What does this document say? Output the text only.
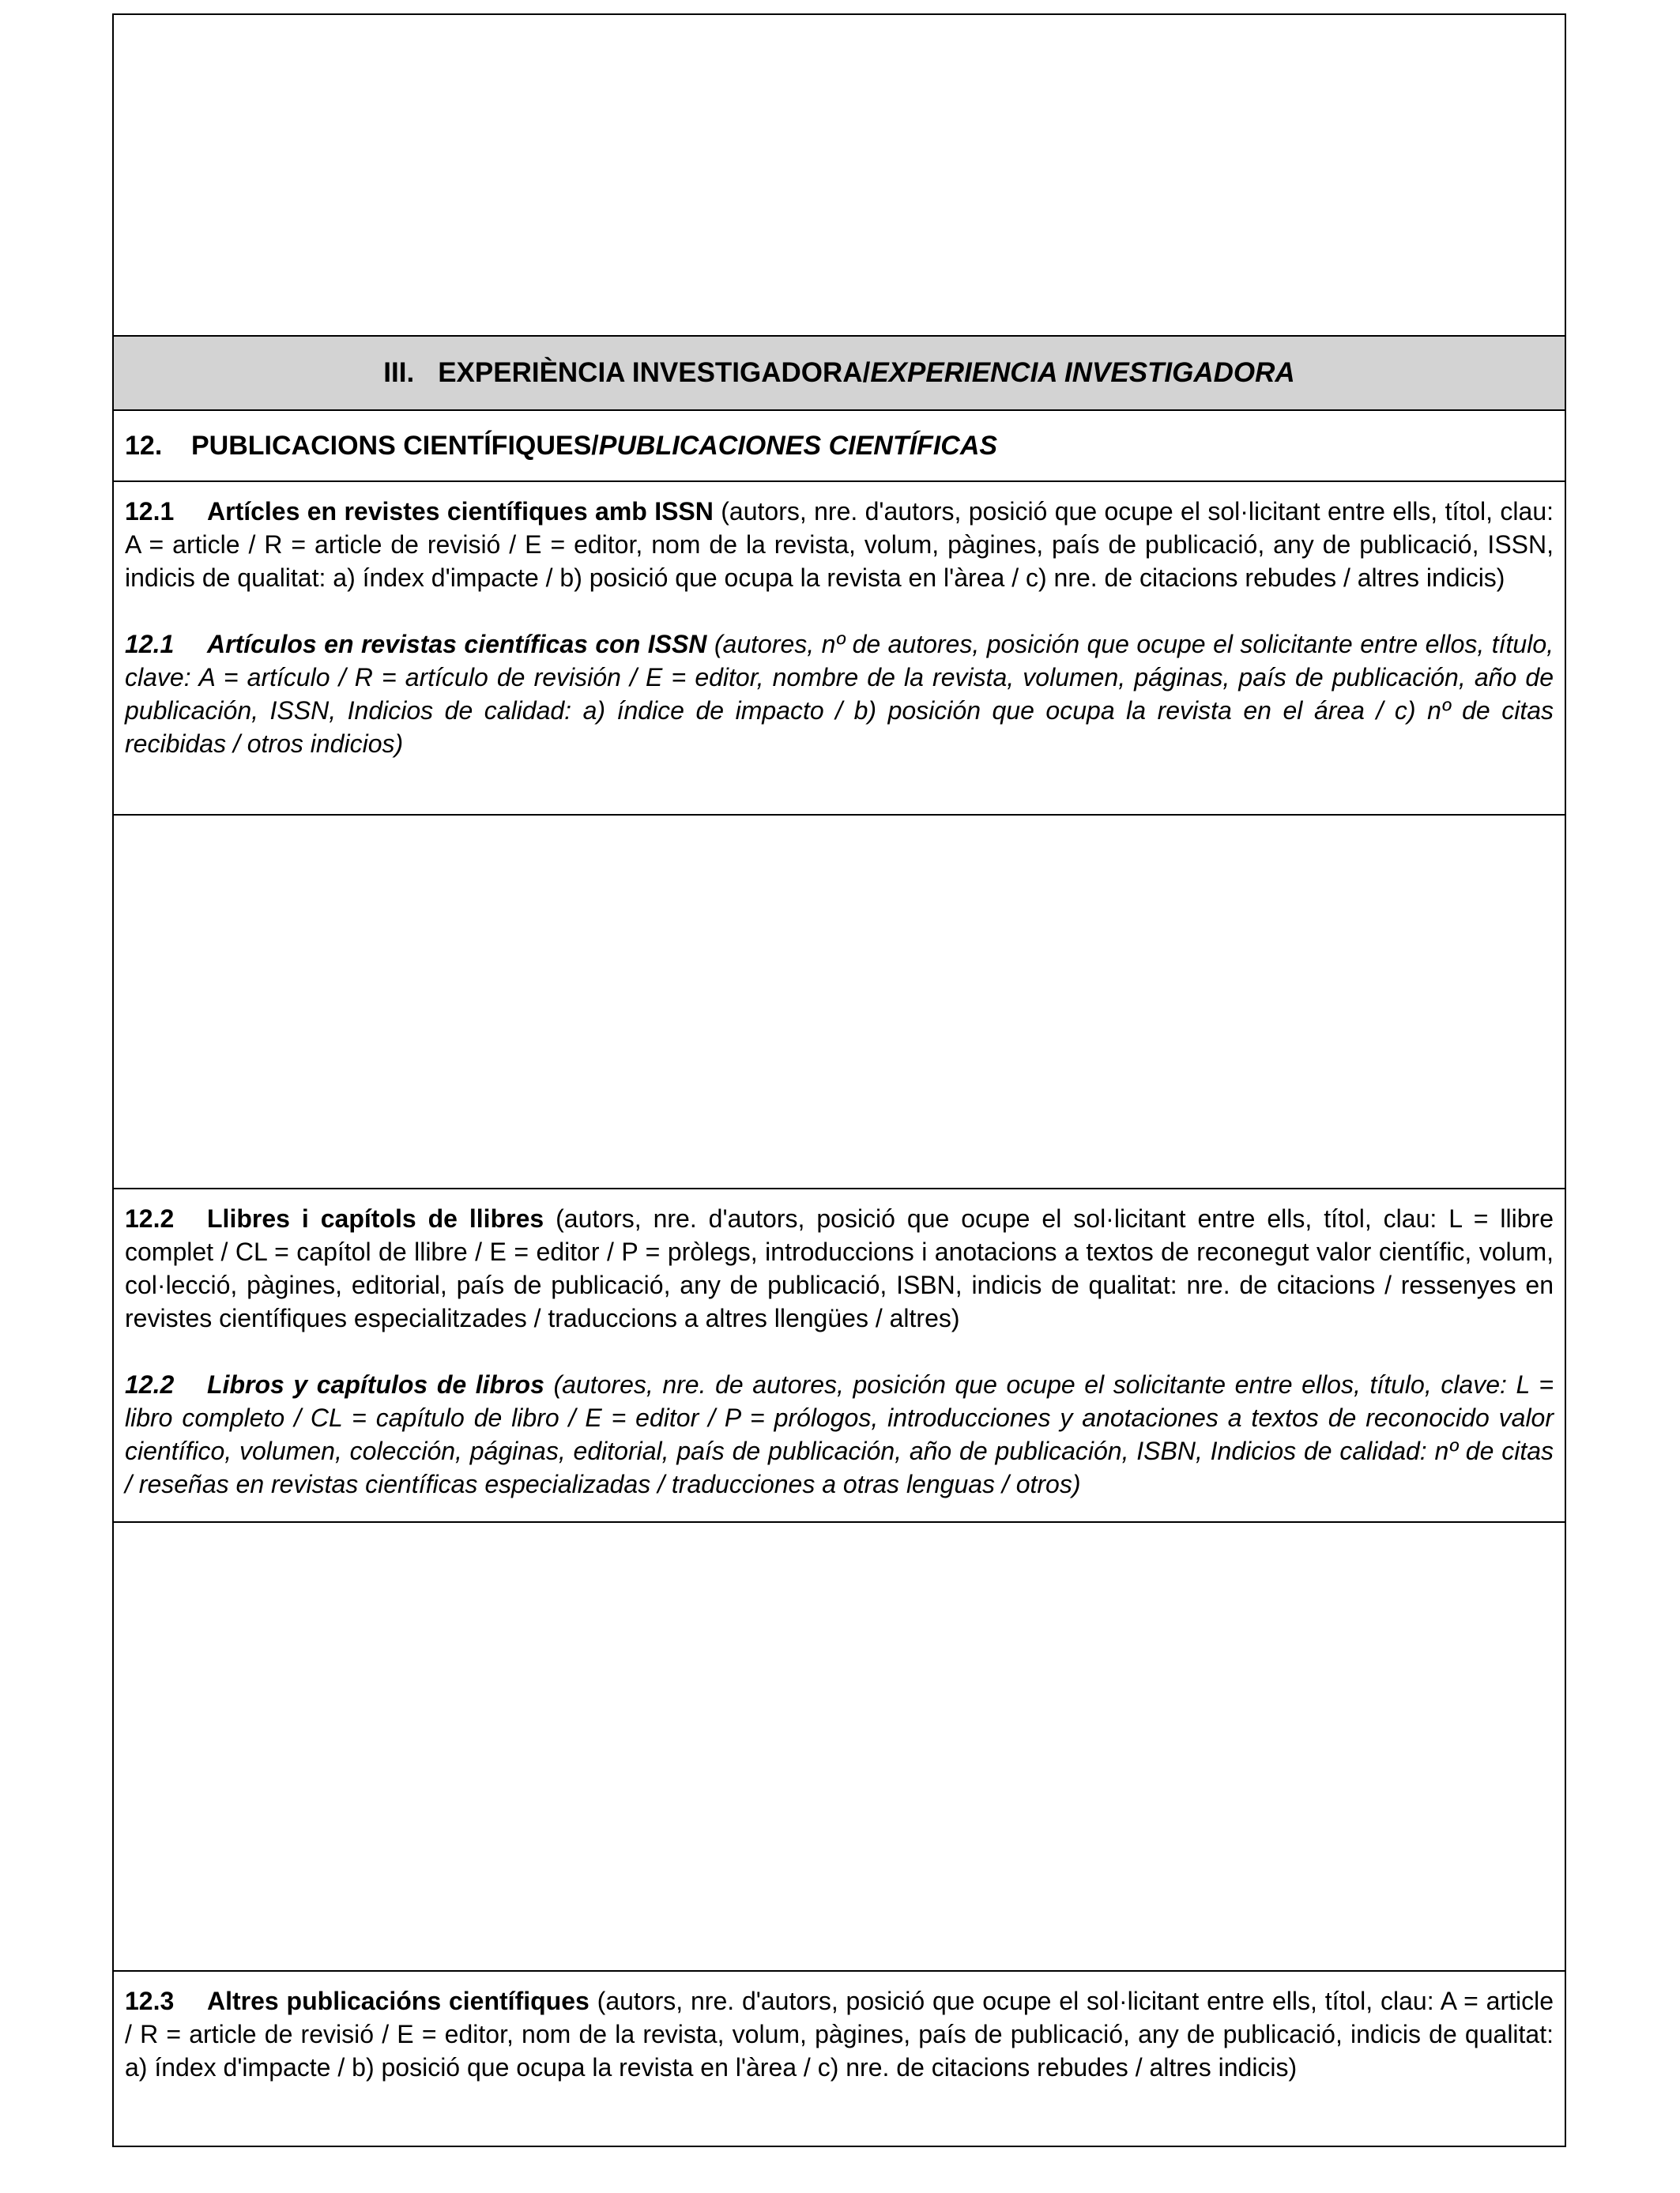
III. EXPERIÈNCIA INVESTIGADORA/ EXPERIENCIA INVESTIGADORA
12.	PUBLICACIONS CIENTÍFIQUES/ PUBLICACIONES CIENTÍFICAS

12.1 Artícles en revistes científiques amb ISSN (autors, nre. d'autors, posició que ocupe el sol·licitant entre ells, títol, clau: A = article / R = article de revisió / E = editor, nom de la revista, volum, pàgines, país de publicació, any de publicació, ISSN, indicis de qualitat: a) índex d'impacte / b) posició que ocupa la revista en l'àrea / c) nre. de citacions rebudes / altres indicis)

12.1 Artículos en revistas científicas con ISSN (autores, nº de autores, posición que ocupe el solicitante entre ellos, título, clave: A = artículo / R = artículo de revisión / E = editor, nombre de la revista, volumen, páginas, país de publicación, año de publicación, ISSN, Indicios de calidad: a) índice de impacto / b) posición que ocupa la revista en el área / c) nº de citas recibidas / otros indicios)

12.2 Llibres i capítols de llibres (autors, nre. d'autors, posició que ocupe el sol·licitant entre ells, títol, clau: L = llibre complet / CL = capítol de llibre / E = editor / P = pròlegs, introduccions i anotacions a textos de reconegut valor científic, volum, col·lecció, pàgines, editorial, país de publicació, any de publicació, ISBN, indicis de qualitat: nre. de citacions / ressenyes en revistes científiques especialitzades / traduccions a altres llengües / altres)

12.2 Libros y capítulos de libros (autores, nre. de autores, posición que ocupe el solicitante entre ellos, título, clave: L = libro completo / CL = capítulo de libro / E = editor / P = prólogos, introducciones y anotaciones a textos de reconocido valor científico, volumen, colección, páginas, editorial, país de publicación, año de publicación, ISBN, Indicios de calidad: nº de citas / reseñas en revistas científicas especializadas / traducciones a otras lenguas / otros)

12.3 Altres publicacións científiques (autors, nre. d'autors, posició que ocupe el sol·licitant entre ells, títol, clau: A = article / R = article de revisió / E = editor, nom de la revista, volum, pàgines, país de publicació, any de publicació, indicis de qualitat: a) índex d'impacte / b) posició que ocupa la revista en l'àrea / c) nre. de citacions rebudes / altres indicis)
